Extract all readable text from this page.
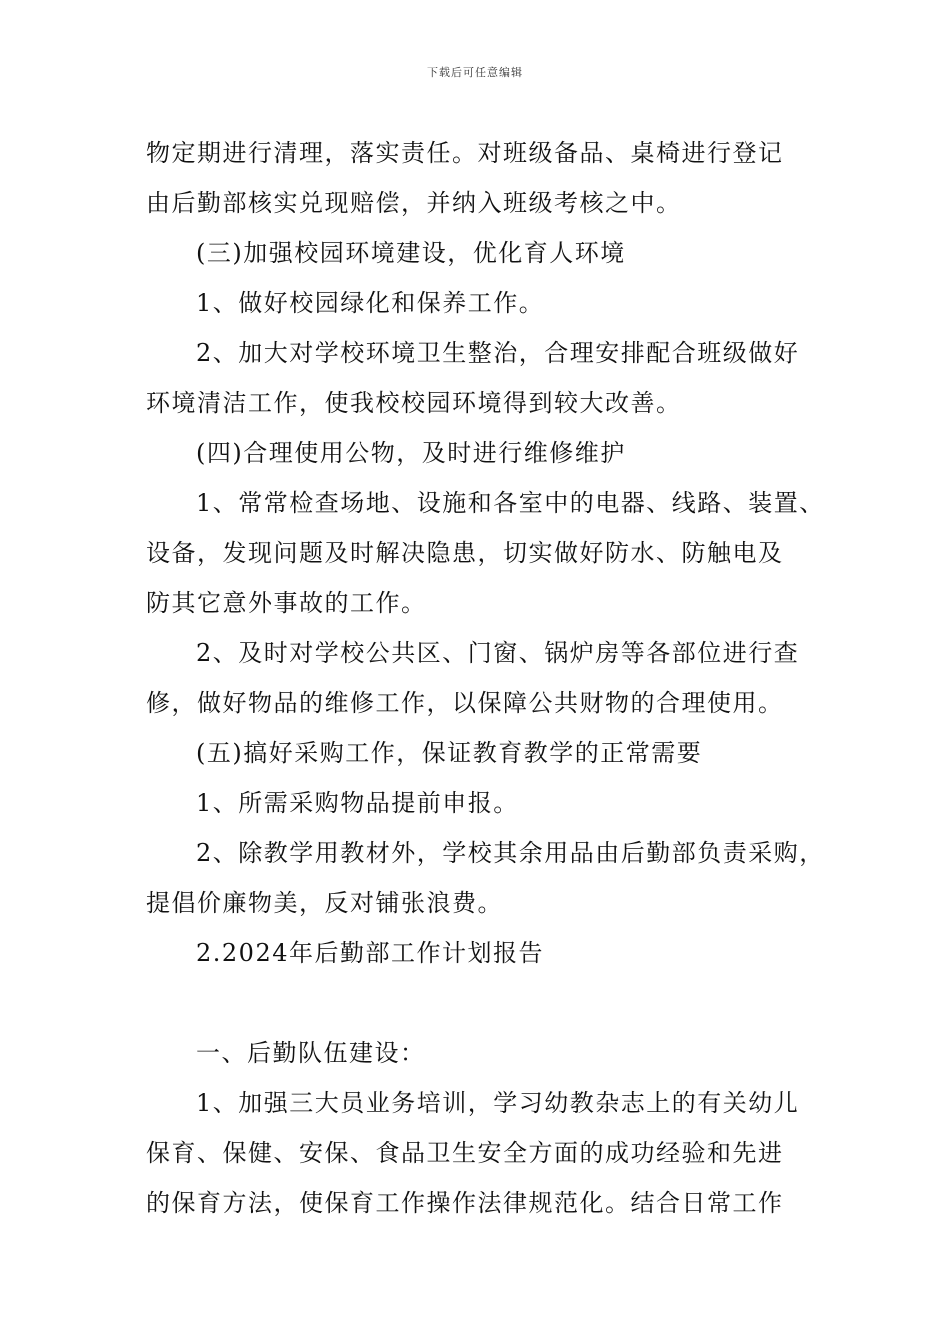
下载后可任意编辑
物定期进行清理，落实责任。对班级备品、桌椅进行登记
由后勤部核实兑现赔偿，并纳入班级考核之中。
(三)加强校园环境建设，优化育人环境
1、做好校园绿化和保养工作。
2、加大对学校环境卫生整治，合理安排配合班级做好
环境清洁工作，使我校校园环境得到较大改善。
(四)合理使用公物，及时进行维修维护
1、常常检查场地、设施和各室中的电器、线路、装置、
设备，发现问题及时解决隐患，切实做好防水、防触电及
防其它意外事故的工作。
2、及时对学校公共区、门窗、锅炉房等各部位进行查
修，做好物品的维修工作，以保障公共财物的合理使用。
(五)搞好采购工作，保证教育教学的正常需要
1、所需采购物品提前申报。
2、除教学用教材外，学校其余用品由后勤部负责采购，
提倡价廉物美，反对铺张浪费。
2.2024年后勤部工作计划报告
一、后勤队伍建设：
1、加强三大员业务培训，学习幼教杂志上的有关幼儿
保育、保健、安保、食品卫生安全方面的成功经验和先进
的保育方法，使保育工作操作法律规范化。结合日常工作
